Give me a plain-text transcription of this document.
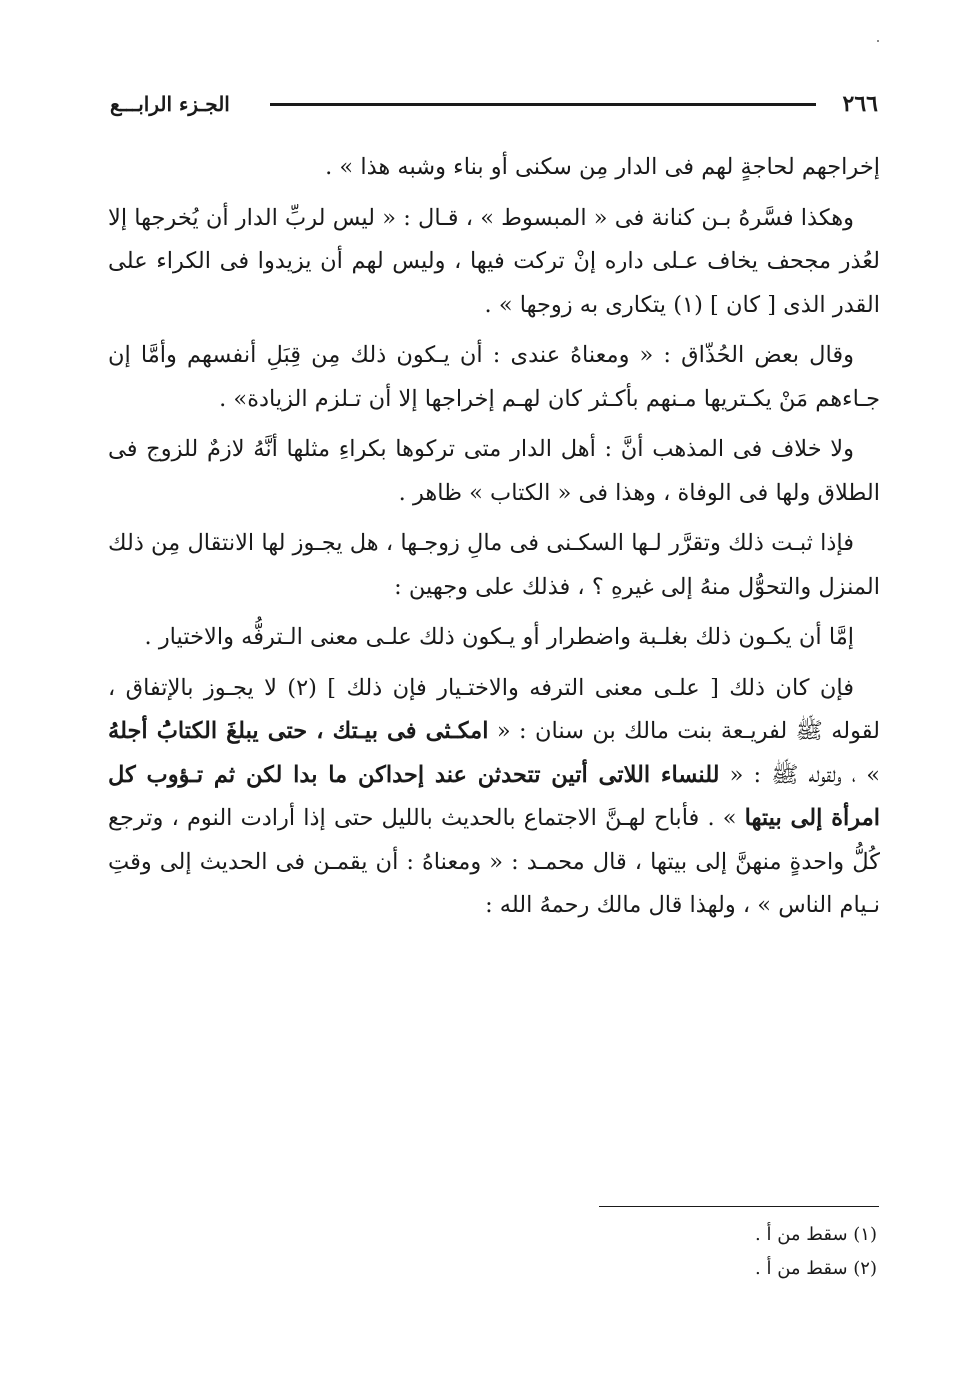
٢٦٦
الجـزء الرابـــع

إخراجهم لحاجةٍ لهم فى الدار مِن سكنى أو بناء وشبه هذا » .

وهكذا فسَّرهُ بـن كنانة فى « المبسوط » ، قـال : « ليس لربِّ الدار أن يُخرجها إلا لعُذر مجحف يخاف عـلى داره إنْ تركت فيها ، وليس لهم أن يزيدوا فى الكراء على القدر الذى [ كان ] (١) يتكارى به زوجها » .

وقال بعض الحُذّاق : « ومعناهُ عندى : أن يـكون ذلك مِن قِبَلِ أنفسهم وأمَّا إن جـاءهم مَنْ يكـتريها مـنهم بأكـثر كان لهـم إخراجها إلا أن تـلزم الزيادة» .

ولا خلاف فى المذهب أنَّ : أهل الدار متى تركوها بكراءِ مثلها أنَّهُ لازمٌ للزوج فى الطلاق ولها فى الوفاة ، وهذا فى « الكتاب » ظاهر .

فإذا ثبـت ذلك وتقرَّر لـها السكـنى فى مالِ زوجـها ، هل يجـوز لها الانتقال مِن ذلك المنزل والتحوُّل منهُ إلى غيرهِ ؟ ، فذلك على وجهين :

إمَّا أن يكـون ذلك بغلـبة واضطرار أو يـكون ذلك علـى معنى الـترفُّه والاختيار .

فإن كان ذلك [ علـى معنى الترفه والاختـيار فإن ذلك ] (٢) لا يجـوز بالإتفاق ، لقوله ﷺ لفريـعة بنت مالك بن سنان : « امكـثى فى بيـتك ، حتى يبلغَ الكتابَُ أجلهُ » ، ولقوله ﷺ : « للنساء اللاتى أتين تتحدثن عند إحداكن ما بدا لكن ثم تـؤوب كل امرأة إلى بيتها » . فأباح لهـنَّ الاجتماع بالحديث بالليل حتى إذا أرادت النوم ، وترجع كُلُّ واحدةٍ منهنَّ إلى بيتها ، قال محمـد : « ومعناهُ : أن يقمـن فى الحديث إلى وقتِ نـيام الناس » ، ولهذا قال مالك رحمهُ الله :

(١) سقط من أ .
(٢) سقط من أ .
